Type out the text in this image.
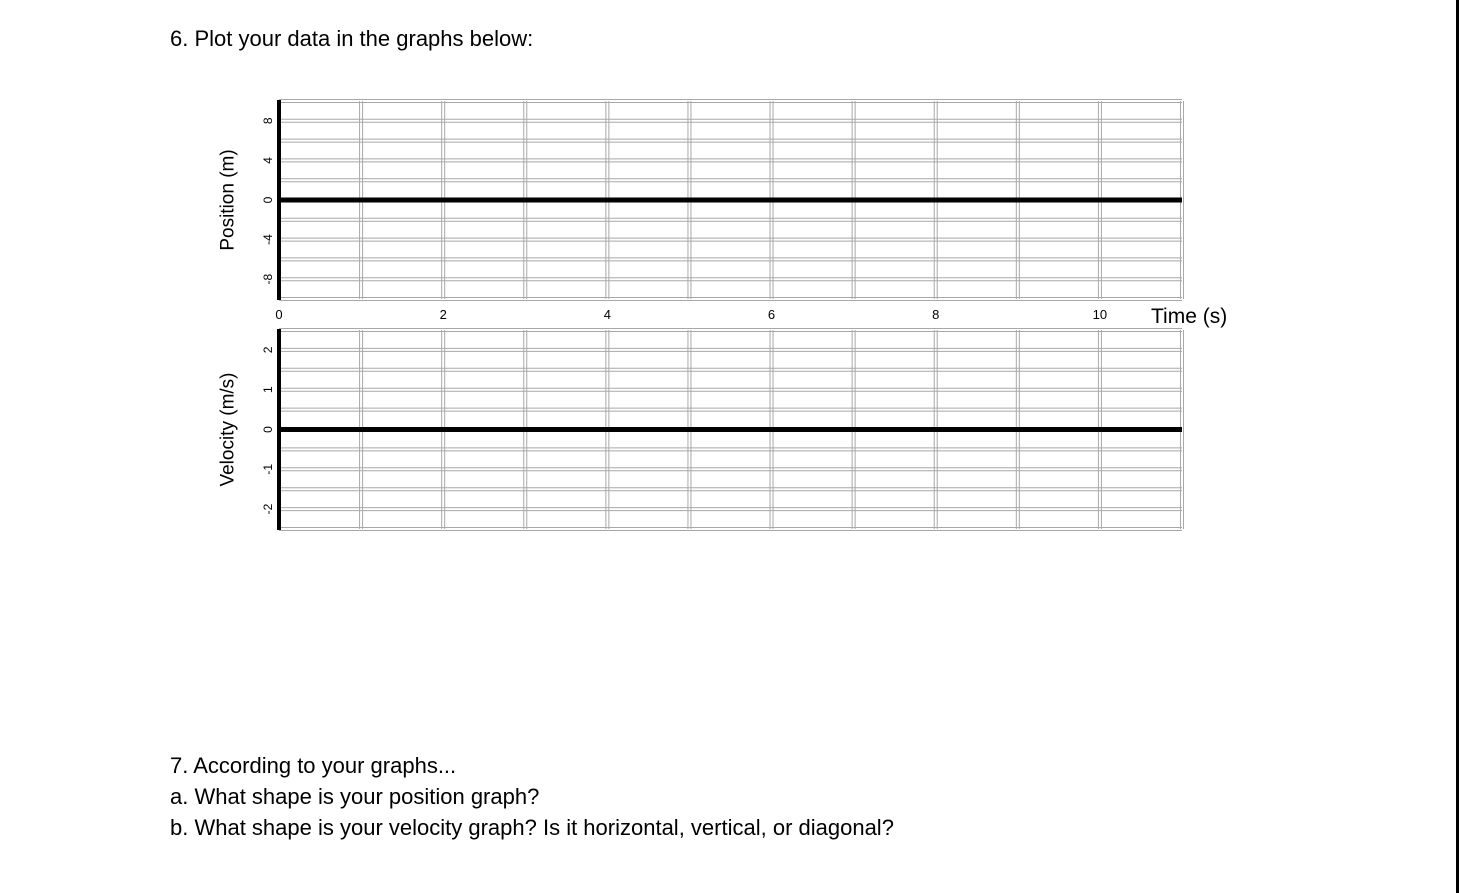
6. Plot your data in the graphs below:
8
4
0
-4
-8
Position (m)
0	2	4	6	8	10 Time (s)
2
1
0
-1
-2
Velocity (m/s)
7. According to your graphs...
a. What shape is your position graph?
b. What shape is your velocity graph? Is it horizontal, vertical, or diagonal?
